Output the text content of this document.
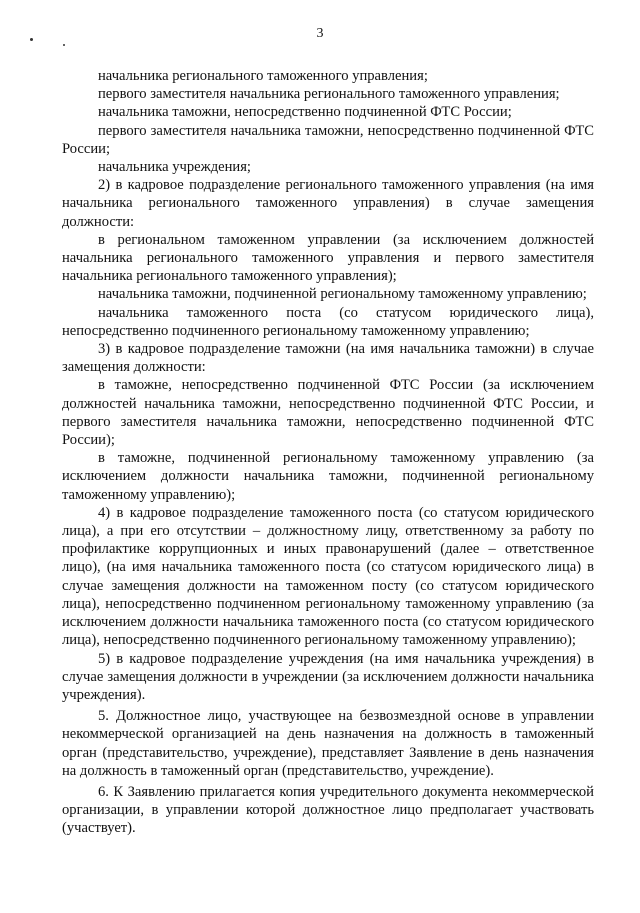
3

начальника регионального таможенного управления;

первого заместителя начальника регионального таможенного управления;

начальника таможни, непосредственно подчиненной ФТС России;

первого заместителя начальника таможни, непосредственно подчиненной ФТС России;

начальника учреждения;

2) в кадровое подразделение регионального таможенного управления (на имя начальника регионального таможенного управления) в случае замещения должности:

в региональном таможенном управлении (за исключением должностей начальника регионального таможенного управления и первого заместителя начальника регионального таможенного управления);

начальника таможни, подчиненной региональному таможенному управлению;

начальника таможенного поста (со статусом юридического лица), непосредственно подчиненного региональному таможенному управлению;

3) в кадровое подразделение таможни (на имя начальника таможни) в случае замещения должности:

в таможне, непосредственно подчиненной ФТС России (за исключением должностей начальника таможни, непосредственно подчиненной ФТС России, и первого заместителя начальника таможни, непосредственно подчиненной ФТС России);

в таможне, подчиненной региональному таможенному управлению (за исключением должности начальника таможни, подчиненной региональному таможенному управлению);

4) в кадровое подразделение таможенного поста (со статусом юридического лица), а при его отсутствии – должностному лицу, ответственному за работу по профилактике коррупционных и иных правонарушений (далее – ответственное лицо), (на имя начальника таможенного поста (со статусом юридического лица) в случае замещения должности на таможенном посту (со статусом юридического лица), непосредственно подчиненном региональному таможенному управлению (за исключением должности начальника таможенного поста (со статусом юридического лица), непосредственно подчиненного региональному таможенному управлению);

5) в кадровое подразделение учреждения (на имя начальника учреждения) в случае замещения должности в учреждении (за исключением должности начальника учреждения).

5. Должностное лицо, участвующее на безвозмездной основе в управлении некоммерческой организацией на день назначения на должность в таможенный орган (представительство, учреждение), представляет Заявление в день назначения на должность в таможенный орган (представительство, учреждение).

6. К Заявлению прилагается копия учредительного документа некоммерческой организации, в управлении которой должностное лицо предполагает участвовать (участвует).
